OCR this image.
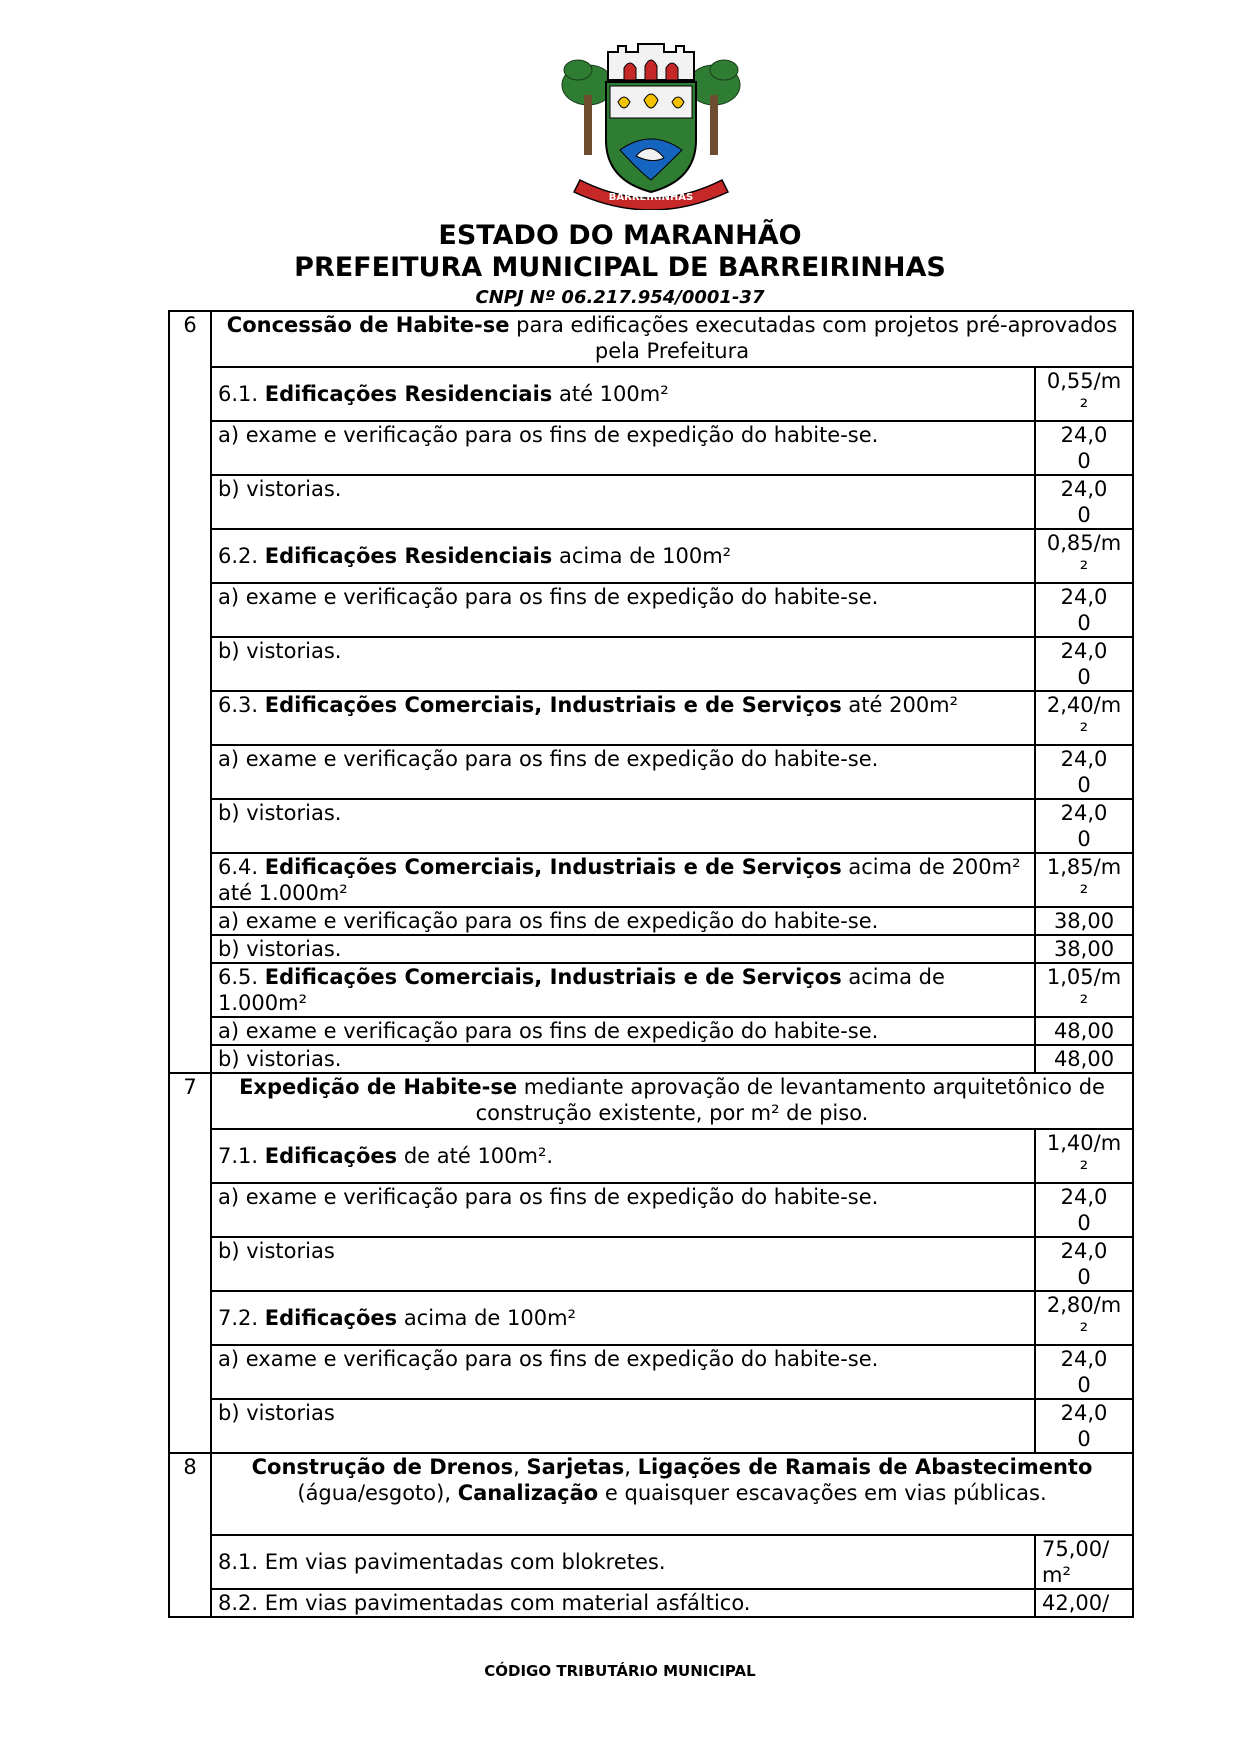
BARREIRINHAS
ESTADO DO MARANHÃO
PREFEITURA MUNICIPAL DE BARREIRINHAS
CNPJ Nº 06.217.954/0001-37
6	Concessão de Habite-se para edificações executadas com projetos pré-aprovados pela Prefeitura	
	6.1. Edificações Residenciais até 100m²	0,55/m
²
	a) exame e verificação para os fins de expedição do habite-se.	24,0
0
	b) vistorias.	24,0
0
	6.2. Edificações Residenciais acima de 100m²	0,85/m
²
	a) exame e verificação para os fins de expedição do habite-se.	24,0
0
	b) vistorias.	24,0
0
	6.3. Edificações Comerciais, Industriais e de Serviços até 200m²	2,40/m
²
	a) exame e verificação para os fins de expedição do habite-se.	24,0
0
	b) vistorias.	24,0
0
	6.4. Edificações Comerciais, Industriais e de Serviços acima de 200m² até 1.000m²	1,85/m
²
	a) exame e verificação para os fins de expedição do habite-se.	38,00
	b) vistorias.	38,00
	6.5. Edificações Comerciais, Industriais e de Serviços acima de 1.000m²	1,05/m
²
	a) exame e verificação para os fins de expedição do habite-se.	48,00
	b) vistorias.	48,00
7	Expedição de Habite-se mediante aprovação de levantamento arquitetônico de construção existente, por m² de piso.	
	7.1. Edificações de até 100m².	1,40/m
²
	a) exame e verificação para os fins de expedição do habite-se.	24,0
0
	b) vistorias	24,0
0
	7.2. Edificações acima de 100m²	2,80/m
²
	a) exame e verificação para os fins de expedição do habite-se.	24,0
0
	b) vistorias	24,0
0
8	Construção de Drenos, Sarjetas, Ligações de Ramais de Abastecimento (água/esgoto), Canalização e quaisquer escavações em vias públicas.	
	8.1. Em vias pavimentadas com blokretes.	75,00/
m²
	8.2. Em vias pavimentadas com material asfáltico.	42,00/
CÓDIGO TRIBUTÁRIO MUNICIPAL
